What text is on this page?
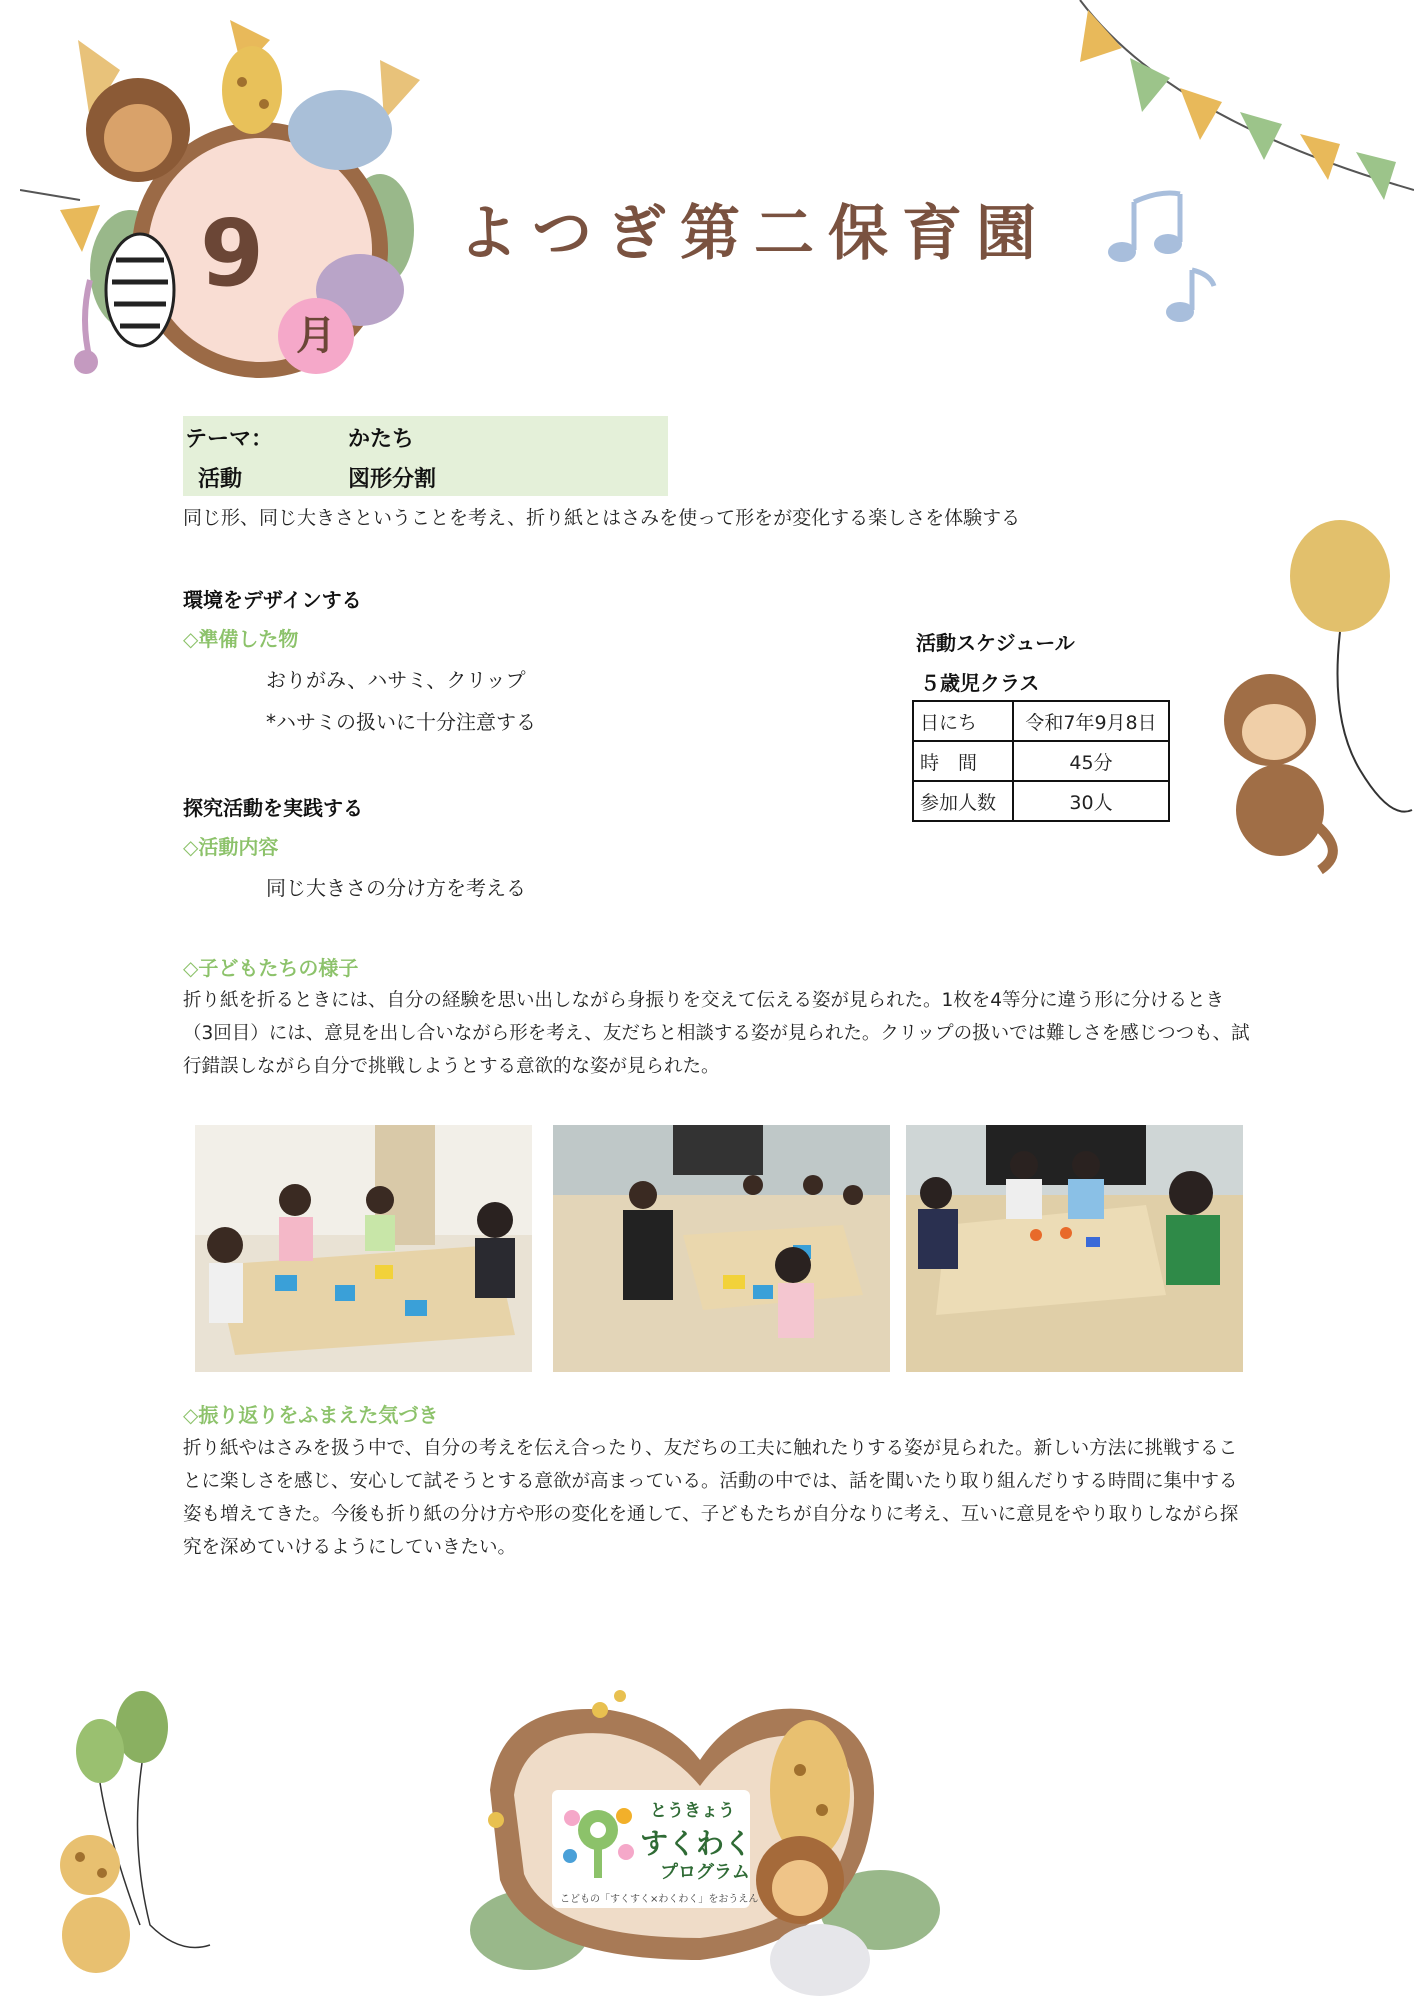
9
月
よつぎ第二保育園
テーマ：	かたち
活動	図形分割
同じ形、同じ大きさということを考え、折り紙とはさみを使って形をが変化する楽しさを体験する
環境をデザインする
◇準備した物
おりがみ、ハサミ、クリップ
*ハサミの扱いに十分注意する
探究活動を実践する
◇活動内容
同じ大きさの分け方を考える
活動スケジュール
５歳児クラス
日にち	令和7年9月8日
時　間	45分
参加人数	30人
◇子どもたちの様子
折り紙を折るときには、自分の経験を思い出しながら身振りを交えて伝える姿が見られた。1枚を4等分に違う形に分けるとき（3回目）には、意見を出し合いながら形を考え、友だちと相談する姿が見られた。クリップの扱いでは難しさを感じつつも、試行錯誤しながら自分で挑戦しようとする意欲的な姿が見られた。
◇振り返りをふまえた気づき
折り紙やはさみを扱う中で、自分の考えを伝え合ったり、友だちの工夫に触れたりする姿が見られた。新しい方法に挑戦することに楽しさを感じ、安心して試そうとする意欲が高まっている。活動の中では、話を聞いたり取り組んだりする時間に集中する姿も増えてきた。今後も折り紙の分け方や形の変化を通して、子どもたちが自分なりに考え、互いに意見をやり取りしながら探究を深めていけるようにしていきたい。
とうきょう
すくわく
プログラム
こどもの「すくすく×わくわく」をおうえん
